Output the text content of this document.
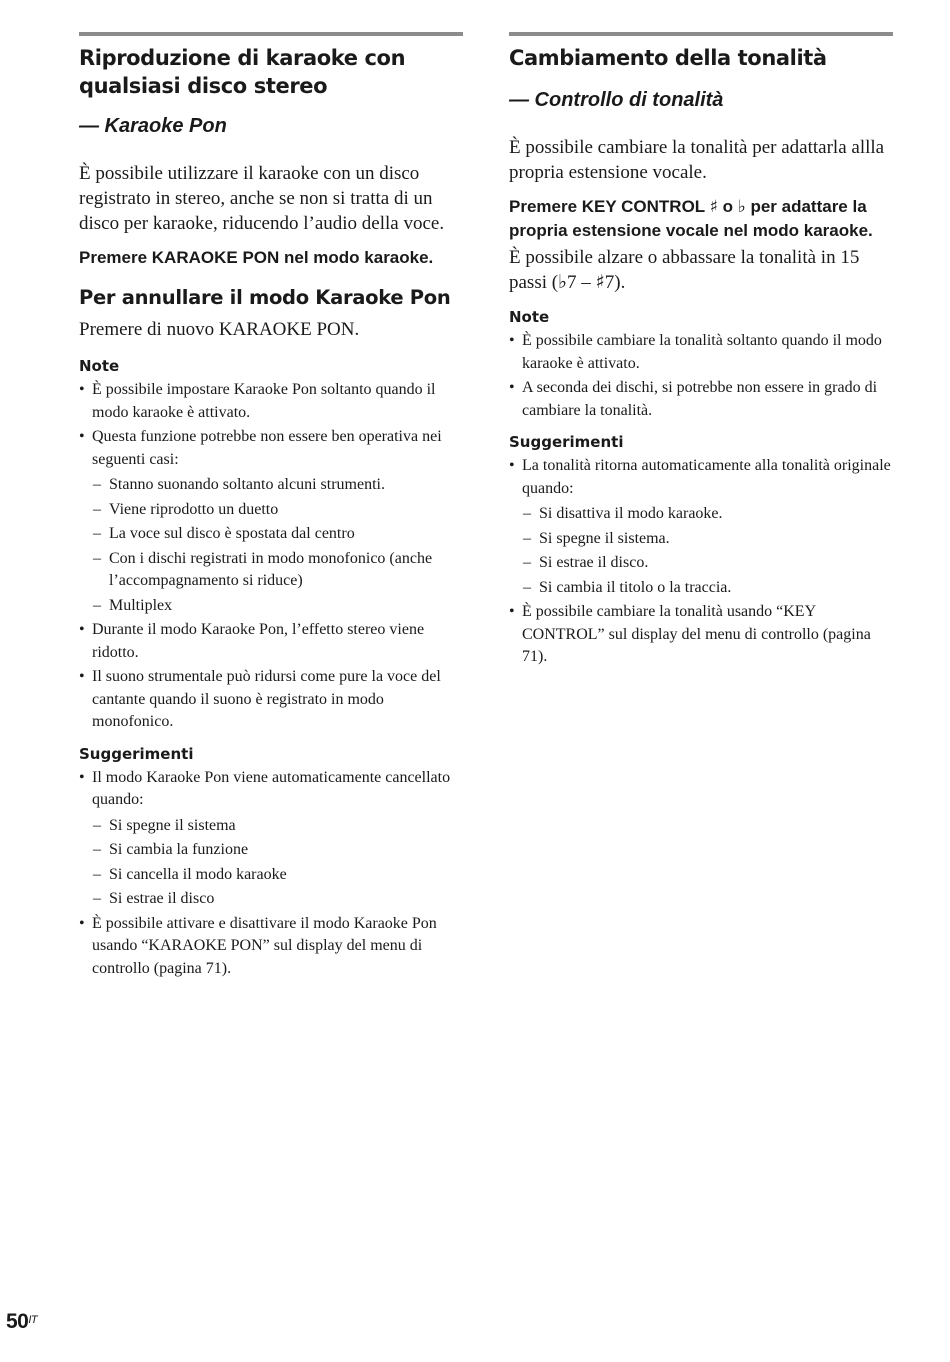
Riproduzione di karaoke con qualsiasi disco stereo

— Karaoke Pon

È possibile utilizzare il karaoke con un disco registrato in stereo, anche se non si tratta di un disco per karaoke, riducendo l’audio della voce.

Premere KARAOKE PON nel modo karaoke.

Per annullare il modo Karaoke Pon

Premere di nuovo KARAOKE PON.

Note

• È possibile impostare Karaoke Pon soltanto quando il modo karaoke è attivato.
• Questa funzione potrebbe non essere ben operativa nei seguenti casi:
– Stanno suonando soltanto alcuni strumenti.
– Viene riprodotto un duetto
– La voce sul disco è spostata dal centro
– Con i dischi registrati in modo monofonico (anche l’accompagnamento si riduce)
– Multiplex
• Durante il modo Karaoke Pon, l’effetto stereo viene ridotto.
• Il suono strumentale può ridursi come pure la voce del cantante quando il suono è registrato in modo monofonico.

Suggerimenti

• Il modo Karaoke Pon viene automaticamente cancellato quando:
– Si spegne il sistema
– Si cambia la funzione
– Si cancella il modo karaoke
– Si estrae il disco
• È possibile attivare e disattivare il modo Karaoke Pon usando “KARAOKE PON” sul display del menu di controllo (pagina 71).
Cambiamento della tonalità

— Controllo di tonalità

È possibile cambiare la tonalità per adattarla allla propria estensione vocale.

Premere KEY CONTROL ♯ o ♭ per adattare la propria estensione vocale nel modo karaoke.

È possibile alzare o abbassare la tonalità in 15 passi (♭7 – ♯7).

Note

• È possibile cambiare la tonalità soltanto quando il modo karaoke è attivato.
• A seconda dei dischi, si potrebbe non essere in grado di cambiare la tonalità.

Suggerimenti

• La tonalità ritorna automaticamente alla tonalità originale quando:
– Si disattiva il modo karaoke.
– Si spegne il sistema.
– Si estrae il disco.
– Si cambia il titolo o la traccia.
• È possibile cambiare la tonalità usando “KEY CONTROL” sul display del menu di controllo (pagina 71).
$50^{IT}$
